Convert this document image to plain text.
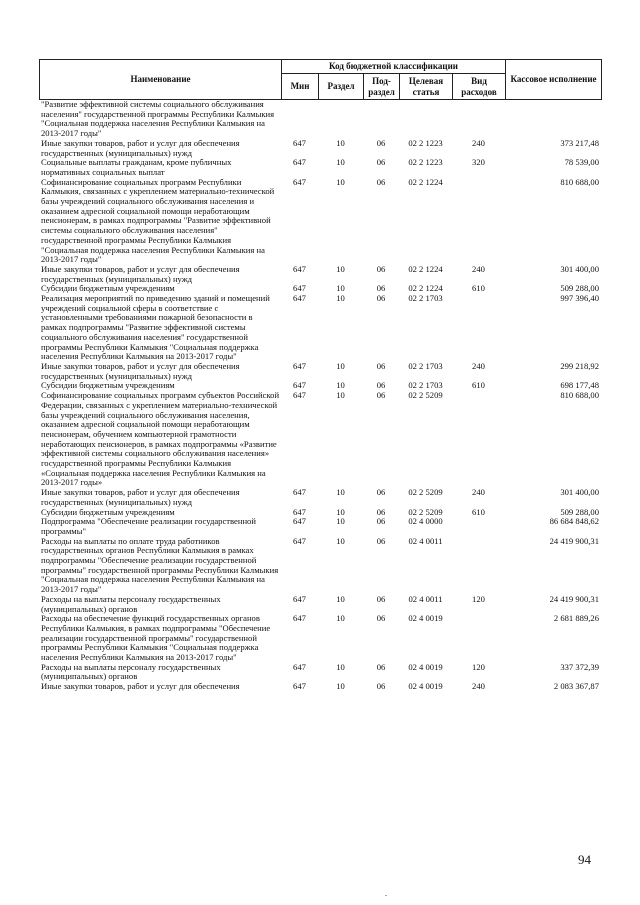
Наименование	Код бюджетной классификации					Кассовое исполнение
	Мин	Раздел	Под-раздел	Целевая статья	Вид расходов	
"Развитие эффективной системы социального обслуживания населения" государственной программы Республики Калмыкия "Социальная поддержка населения Республики Калмыкия на 2013-2017 годы"						
Иные закупки товаров, работ и услуг для обеспечения государственных (муниципальных) нужд	647	10	06	02 2 1223	240	373 217,48
Социальные выплаты гражданам, кроме публичных нормативных социальных выплат	647	10	06	02 2 1223	320	78 539,00
Софинансирование социальных программ Республики Калмыкия, связанных с укреплением материально-технической базы учреждений социального обслуживания населения и оказанием адресной социальной помощи неработающим пенсионерам, в рамках подпрограммы "Развитие эффективной системы социального обслуживания населения" государственной программы Республики Калмыкия "Социальная поддержка населения Республики Калмыкия на 2013-2017 годы"	647	10	06	02 2 1224		810 688,00
Иные закупки товаров, работ и услуг для обеспечения государственных (муниципальных) нужд	647	10	06	02 2 1224	240	301 400,00
Субсидии бюджетным учреждениям	647	10	06	02 2 1224	610	509 288,00
Реализация мероприятий по приведению зданий и помещений учреждений социальной сферы в соответствие с установленными требованиями пожарной безопасности в рамках подпрограммы "Развитие эффективной системы социального обслуживания населения" государственной программы Республики Калмыкия "Социальная поддержка населения Республики Калмыкия на 2013-2017 годы"	647	10	06	02 2 1703		997 396,40
Иные закупки товаров, работ и услуг для обеспечения государственных (муниципальных) нужд	647	10	06	02 2 1703	240	299 218,92
Субсидии бюджетным учреждениям	647	10	06	02 2 1703	610	698 177,48
Софинансирование социальных программ субъектов Российской Федерации, связанных с укреплением материально-технической базы учреждений социального обслуживания населения, оказанием адресной социальной помощи неработающим пенсионерам, обучением компьютерной грамотности неработающих пенсионеров, в рамках подпрограммы «Развитие эффективной системы социального обслуживания населения» государственной программы Республики Калмыкия «Социальная поддержка населения Республики Калмыкия на 2013-2017 годы»	647	10	06	02 2 5209		810 688,00
Иные закупки товаров, работ и услуг для обеспечения государственных (муниципальных) нужд	647	10	06	02 2 5209	240	301 400,00
Субсидии бюджетным учреждениям	647	10	06	02 2 5209	610	509 288,00
Подпрограмма "Обеспечение реализации государственной программы"	647	10	06	02 4 0000		86 684 848,62
Расходы на выплаты по оплате труда работников государственных органов Республики Калмыкия в рамках подпрограммы "Обеспечение реализации государственной программы" государственной программы Республики Калмыкия "Социальная поддержка населения Республики Калмыкия на 2013-2017 годы"	647	10	06	02 4 0011		24 419 900,31
Расходы на выплаты персоналу государственных (муниципальных) органов	647	10	06	02 4 0011	120	24 419 900,31
Расходы на обеспечение функций государственных органов Республики Калмыкия, в рамках подпрограммы "Обеспечение реализации государственной программы" государственной программы Республики Калмыкия "Социальная поддержка населения Республики Калмыкия на 2013-2017 годы"	647	10	06	02 4 0019		2 681 889,26
Расходы на выплаты персоналу государственных (муниципальных) органов	647	10	06	02 4 0019	120	337 372,39
Иные закупки товаров, работ и услуг для обеспечения	647	10	06	02 4 0019	240	2 083 367,87
94
.
